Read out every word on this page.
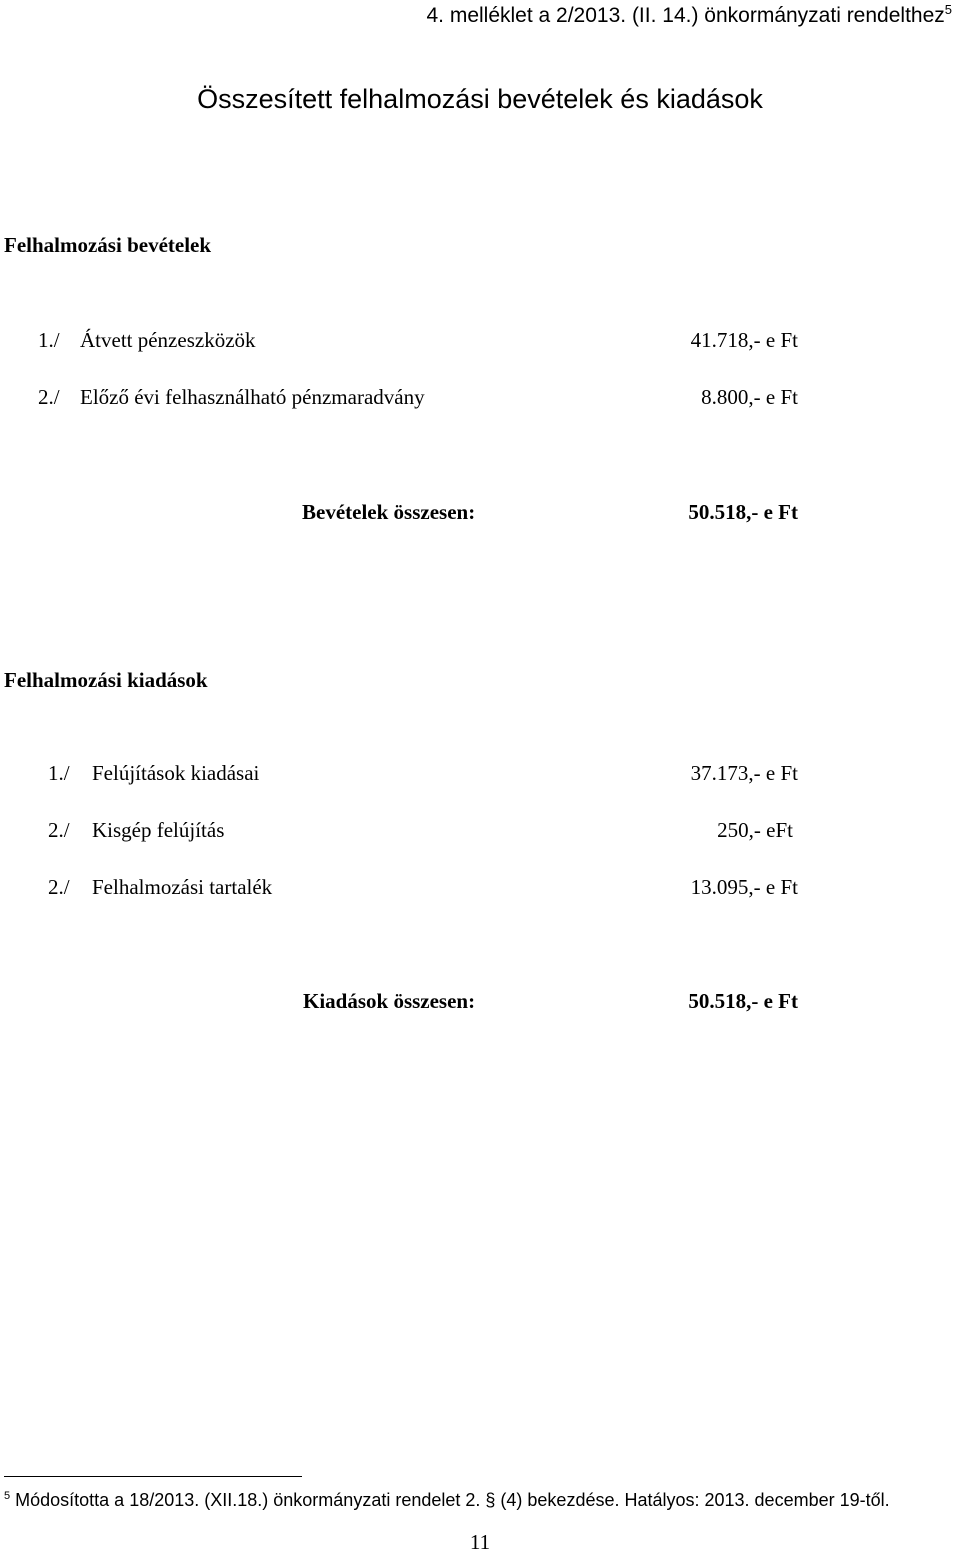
4. melléklet a 2/2013. (II. 14.) önkormányzati rendelthez$^5$
Összesített felhalmozási bevételek és kiadások
Felhalmozási bevételek
1./ Átvett pénzeszközök	41.718,- e Ft
2./ Előző évi felhasználható pénzmaradvány	8.800,- e Ft
Bevételek összesen:	50.518,- e Ft
Felhalmozási kiadások
1./ Felújítások kiadásai	37.173,- e Ft
2./ Kisgép felújítás	250,- eFt
2./ Felhalmozási tartalék	13.095,- e Ft
Kiadások összesen:	50.518,- e Ft
$^5$ Módosította a 18/2013. (XII.18.) önkormányzati rendelet 2. § (4) bekezdése. Hatályos: 2013. december 19-től.
11
